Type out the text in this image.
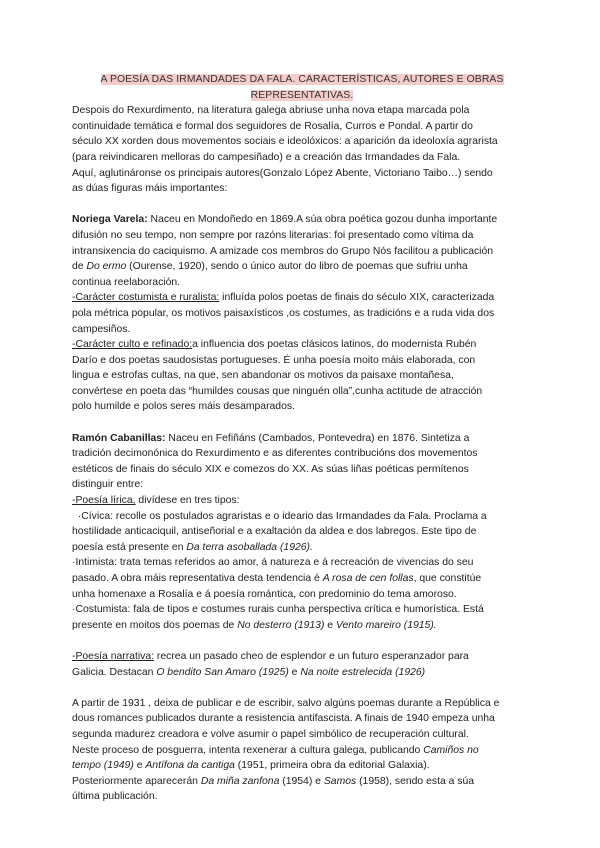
A POESÍA DAS IRMANDADES DA FALA. CARACTERÍSTICAS, AUTORES E OBRAS
REPRESENTATIVAS.

Despois do Rexurdimento, na literatura galega abriuse unha nova etapa marcada pola

continuidade temática e formal dos seguidores de Rosalía, Curros e Pondal. A partir do

século XX xorden dous movementos sociais e ideolóxicos: a aparición da ideoloxía agrarista

(para reivindicaren melloras do campesiñado) e a creación das Irmandades da Fala.

Aquí, aglutináronse os principais autores(Gonzalo López Abente, Victoriano Taibo…) sendo

as dúas figuras máis importantes:

Noriega Varela: Naceu en Mondoñedo en 1869.A súa obra poética gozou dunha importante

difusión no seu tempo, non sempre por razóns literarias: foi presentado como vítima da

intransixencia do caciquismo. A amizade cos membros do Grupo Nós facilitou a publicación

de Do ermo (Ourense, 1920), sendo o único autor do libro de poemas que sufriu unha

continua reelaboración.

-Carácter costumista e ruralista: influída polos poetas de finais do século XIX, caracterizada

pola métrica popular, os motivos paisaxísticos ,os costumes, as tradicións e a ruda vida dos

campesiños.

-Carácter culto e refinado:a influencia dos poetas clásicos latinos, do modernista Rubén

Darío e dos poetas saudosistas portugueses. É unha poesía moito máis elaborada, con

lingua e estrofas cultas, na que, sen abandonar os motivos da paisaxe montañesa,

convértese en poeta das “humildes cousas que ninguén olla”,cunha actitude de atracción

polo humilde e polos seres máis desamparados.

Ramón Cabanillas: Naceu en Fefiñáns (Cambados, Pontevedra) en 1876. Sintetiza a

tradición decimonónica do Rexurdimento e as diferentes contribucións dos movementos

estéticos de finais do século XIX e comezos do XX. As súas liñas poéticas permítenos

distinguir entre:

-Poesía lírica, divídese en tres tipos:

·Cívica: recolle os postulados agraristas e o ideario das Irmandades da Fala. Proclama a

hostilidade anticaciquil, antiseñorial e a exaltación da aldea e dos labregos. Este tipo de

poesía está presente en Da terra asoballada (1926).

·Intimista: trata temas referidos ao amor, á natureza e á recreación de vivencias do seu

pasado. A obra máis representativa desta tendencia é A rosa de cen follas, que constitúe

unha homenaxe a Rosalía e á poesía romántica, con predominio do tema amoroso.

·Costumista: fala de tipos e costumes rurais cunha perspectiva crítica e humorística. Está

presente en moitos dos poemas de No desterro (1913) e Vento mareiro (1915).

-Poesía narrativa: recrea un pasado cheo de esplendor e un futuro esperanzador para

Galicia. Destacan O bendito San Amaro (1925) e Na noite estrelecida (1926)

A partir de 1931 , deixa de publicar e de escribir, salvo algúns poemas durante a República e

dous romances publicados durante a resistencia antifascista. A finais de 1940 empeza unha

segunda madurez creadora e volve asumir o papel simbólico de recuperación cultural.

Neste proceso de posguerra, intenta rexenerar a cultura galega, publicando Camiños no

tempo (1949) e Antífona da cantiga (1951, primeira obra da editorial Galaxia).

Posteriormente aparecerán Da miña zanfona (1954) e Samos (1958), sendo esta a súa

última publicación.
